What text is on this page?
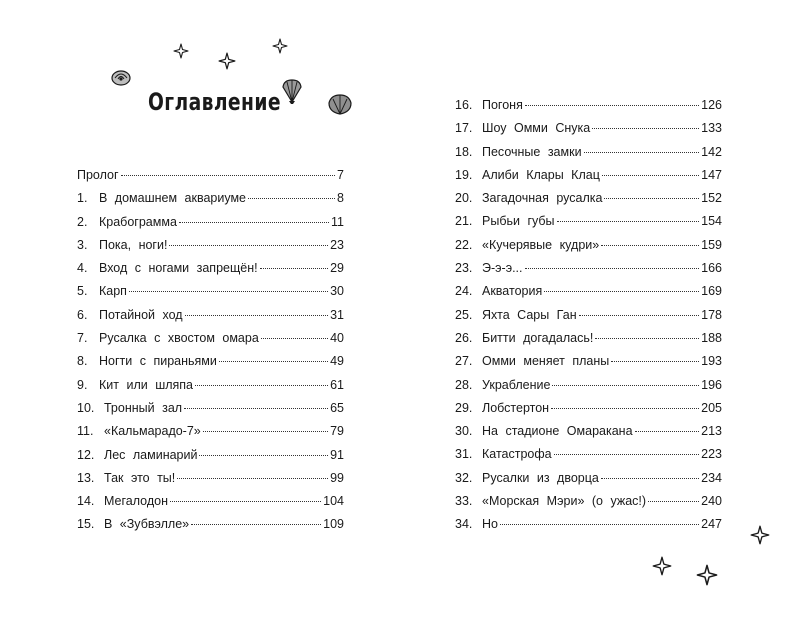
Оглавление
Пролог	7
1. В домашнем аквариуме	8
2. Крабограмма	11
3. Пока, ноги!	23
4. Вход с ногами запрещён!	29
5. Карп	30
6. Потайной ход	31
7. Русалка с хвостом омара	40
8. Ногти с пираньями	49
9. Кит или шляпа	61
10. Тронный зал	65
11. «Кальмарадо-7»	79
12. Лес ламинарий	91
13. Так это ты!	99
14. Мегалодон	104
15. В «Зубвэлле»	109
16. Погоня	126
17. Шоу Омми Снука	133
18. Песочные замки	142
19. Алиби Клары Клац	147
20. Загадочная русалка	152
21. Рыбьи губы	154
22. «Кучерявые кудри»	159
23. Э-э-э...	166
24. Акватория	169
25. Яхта Сары Ган	178
26. Битти догадалась!	188
27. Омми меняет планы	193
28. Украбление	196
29. Лобстертон	205
30. На стадионе Омаракана	213
31. Катастрофа	223
32. Русалки из дворца	234
33. «Морская Мэри» (о ужас!)	240
34. Но	247
